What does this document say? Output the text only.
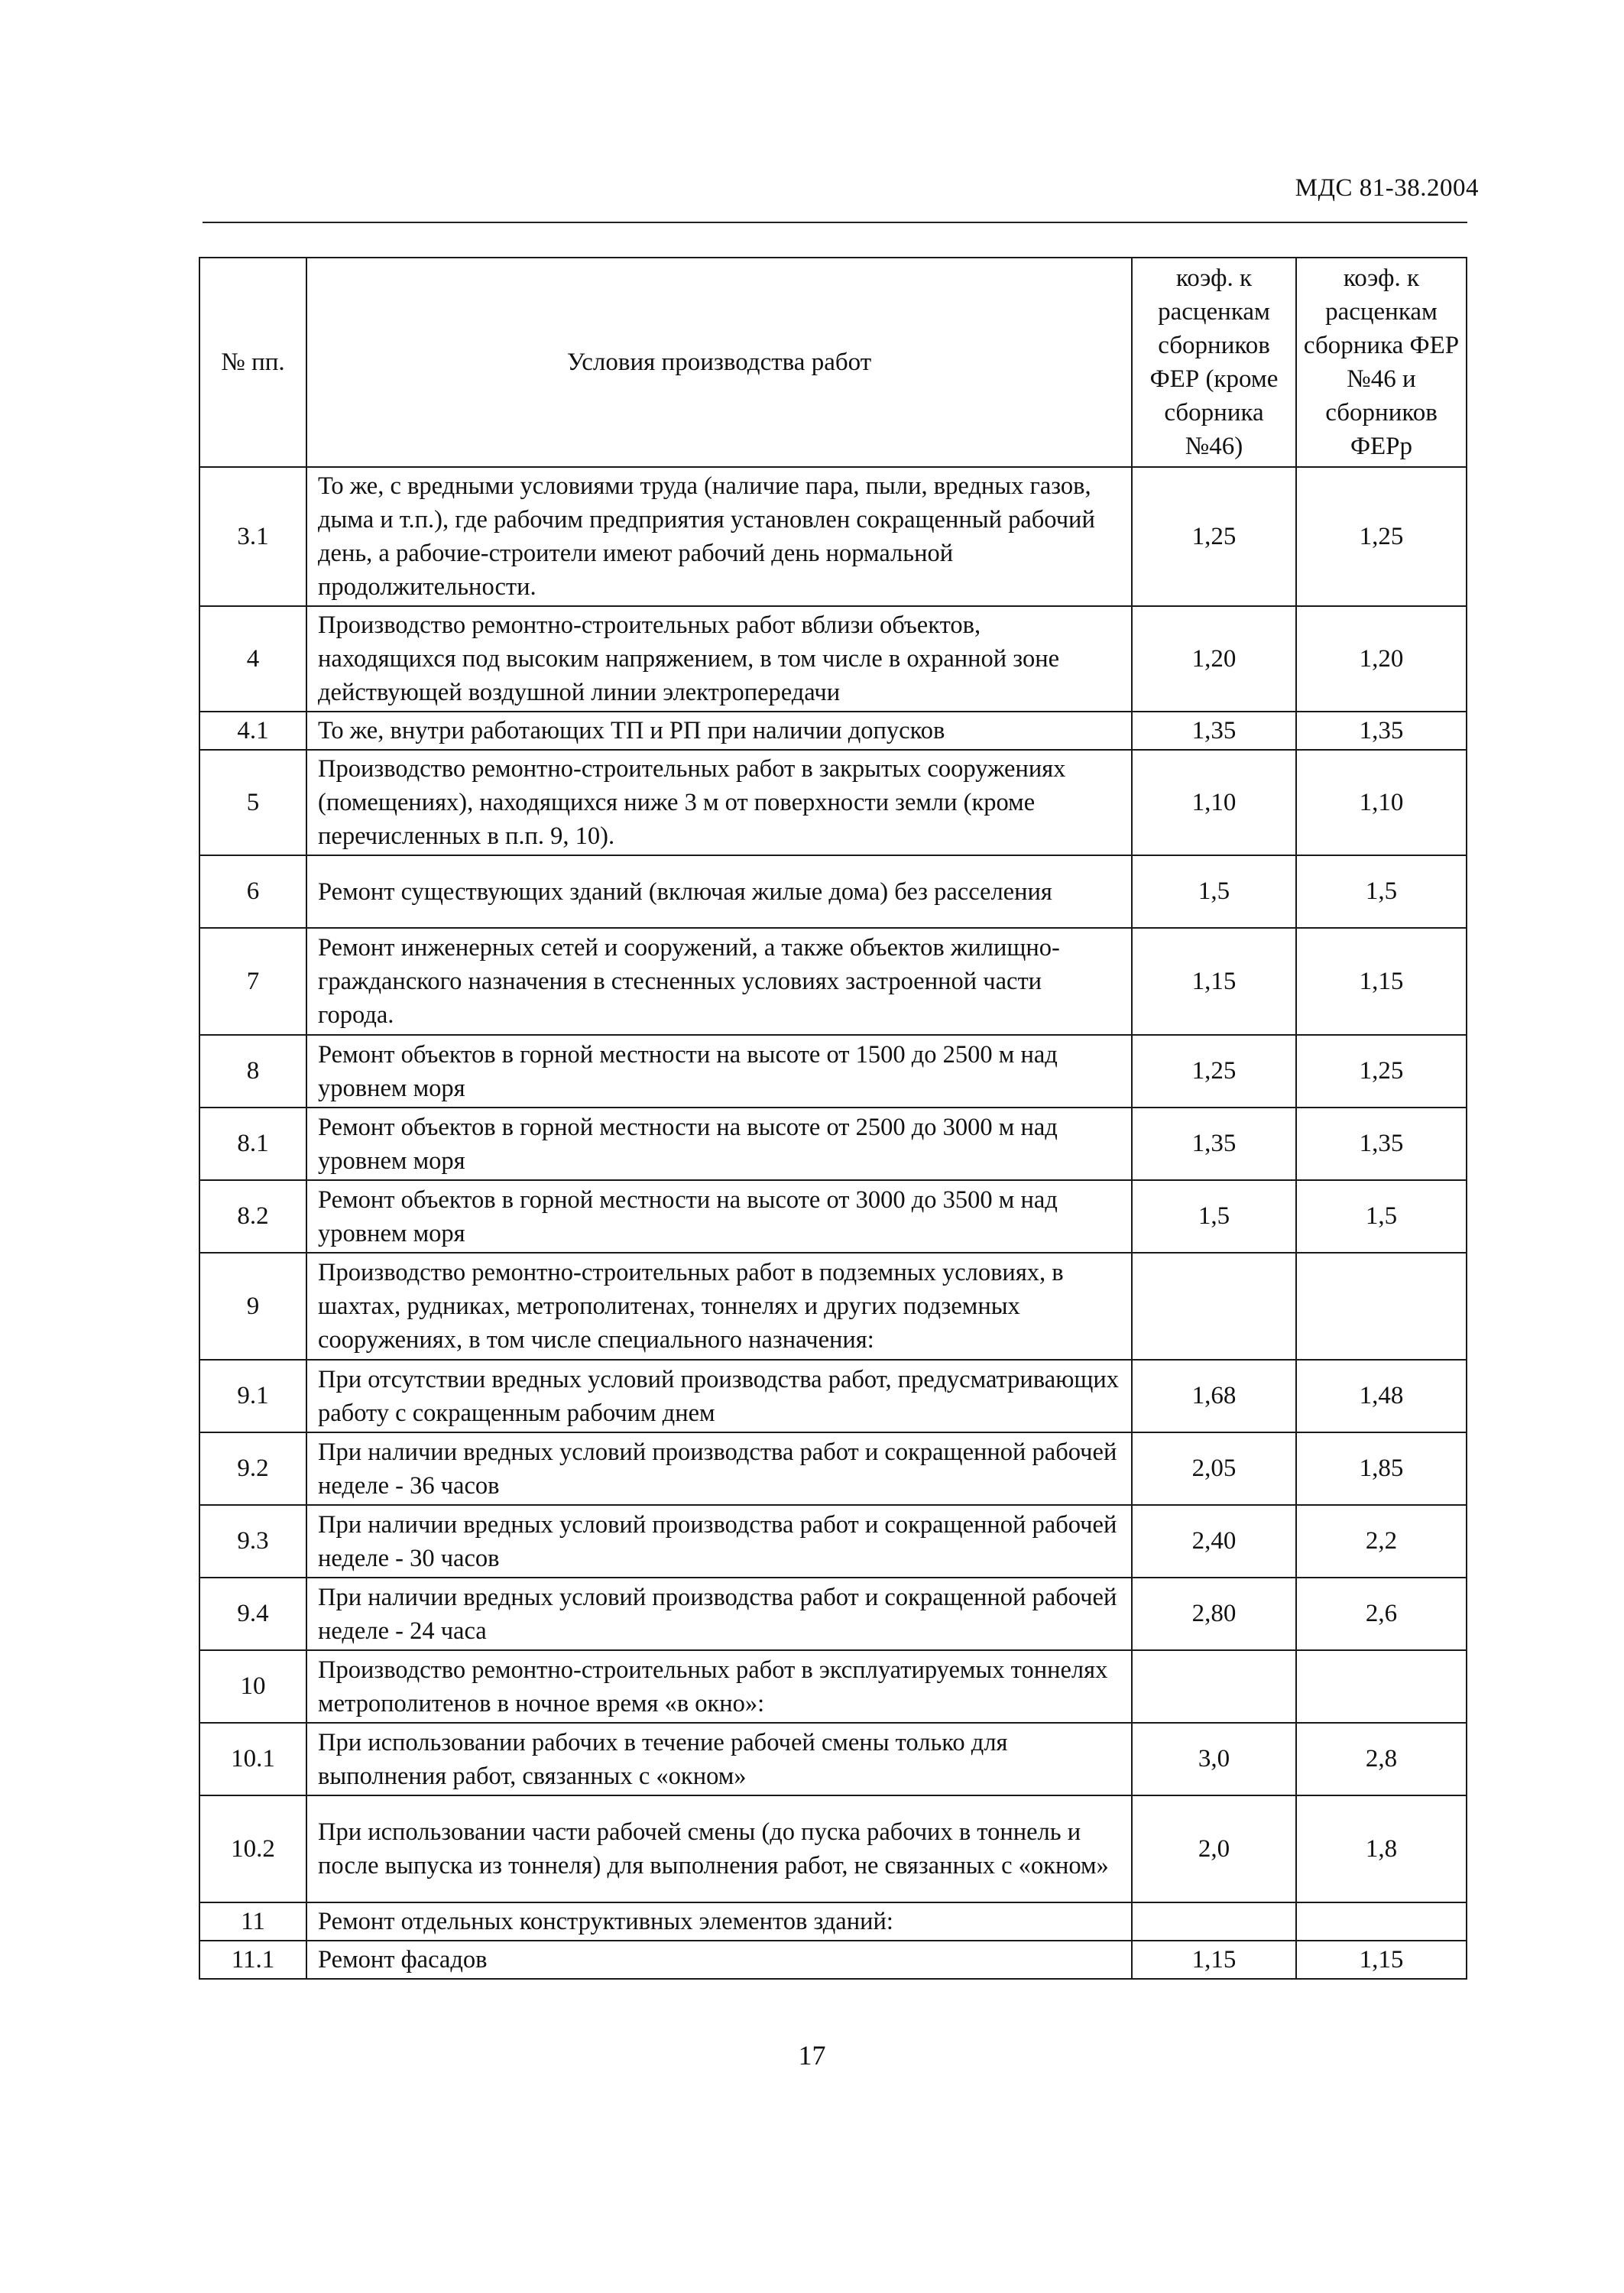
МДС 81-38.2004
№ пп.	Условия производства работ	коэф. к расценкам сборников ФЕР (кроме сборника №46)	коэф. к расценкам сборника ФЕР №46 и сборников ФЕРр
3.1	То же, с вредными условиями труда (наличие пара, пыли, вредных газов, дыма и т.п.), где рабочим предприятия установлен сокращенный рабочий день, а рабочие-строители имеют рабочий день нормальной продолжительности.	1,25	1,25
4	Производство ремонтно-строительных работ вблизи объектов, находящихся под высоким напряжением, в том числе в охранной зоне действующей воздушной линии электропередачи	1,20	1,20
4.1	То же, внутри работающих ТП и РП при наличии допусков	1,35	1,35
5	Производство ремонтно-строительных работ в закрытых сооружениях (помещениях), находящихся ниже 3 м от поверхности земли (кроме перечисленных в п.п. 9, 10).	1,10	1,10
6	Ремонт существующих зданий (включая жилые дома) без расселения	1,5	1,5
7	Ремонт инженерных сетей и сооружений, а также объектов жилищно-гражданского назначения в стесненных условиях застроенной части города.	1,15	1,15
8	Ремонт объектов в горной местности на высоте от 1500 до 2500 м над уровнем моря	1,25	1,25
8.1	Ремонт объектов в горной местности на высоте от 2500 до 3000 м над уровнем моря	1,35	1,35
8.2	Ремонт объектов в горной местности на высоте от 3000 до 3500 м над уровнем моря	1,5	1,5
9	Производство ремонтно-строительных работ в подземных условиях, в шахтах, рудниках, метрополитенах, тоннелях и других подземных сооружениях, в том числе специального назначения:		
9.1	При отсутствии вредных условий производства работ, предусматривающих работу с сокращенным рабочим днем	1,68	1,48
9.2	При наличии вредных условий производства работ и сокращенной рабочей неделе - 36 часов	2,05	1,85
9.3	При наличии вредных условий производства работ и сокращенной рабочей неделе - 30 часов	2,40	2,2
9.4	При наличии вредных условий производства работ и сокращенной рабочей неделе - 24 часа	2,80	2,6
10	Производство ремонтно-строительных работ в эксплуатируемых тоннелях метрополитенов в ночное время «в окно»:		
10.1	При использовании рабочих в течение рабочей смены только для выполнения работ, связанных с «окном»	3,0	2,8
10.2	При использовании части рабочей смены (до пуска рабочих в тоннель и после выпуска из тоннеля) для выполнения работ, не связанных с «окном»	2,0	1,8
11	Ремонт отдельных конструктивных элементов зданий:		
11.1	Ремонт фасадов	1,15	1,15
17
